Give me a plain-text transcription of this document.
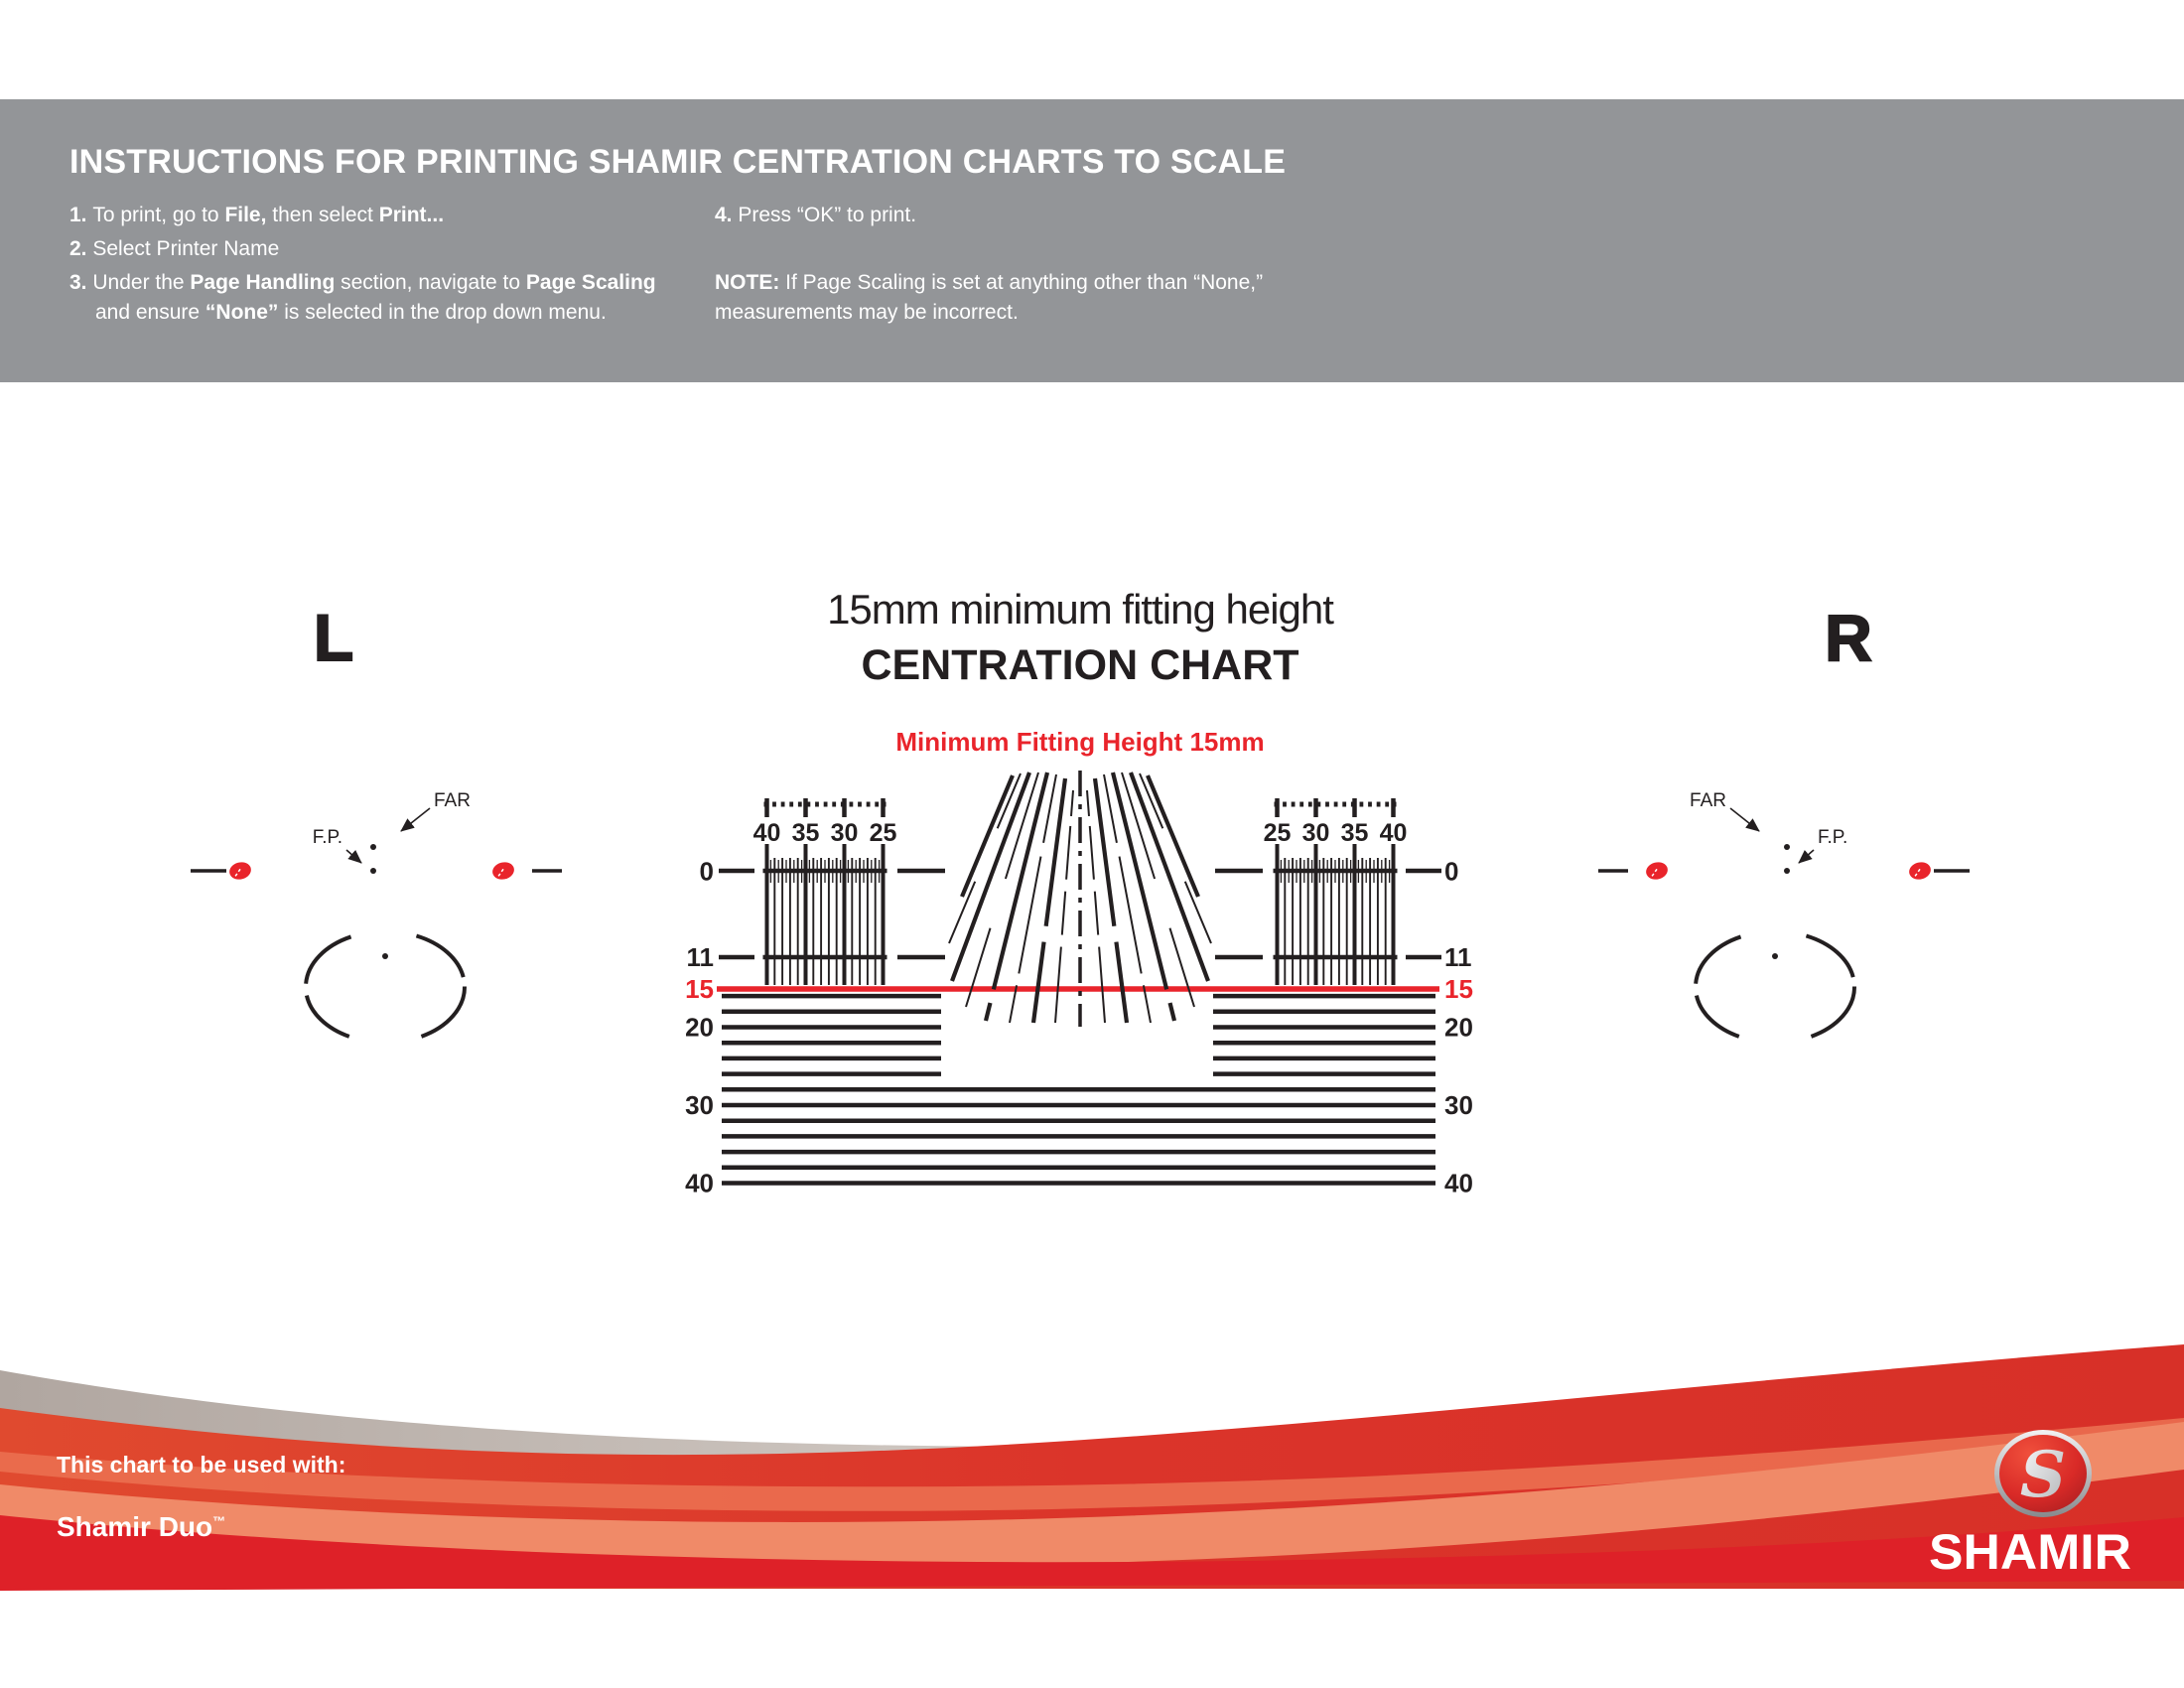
INSTRUCTIONS FOR PRINTING SHAMIR CENTRATION CHARTS TO SCALE
1. To print, go to File, then select Print...
2. Select Printer Name
3. Under the Page Handling section, navigate to Page Scaling
and ensure “None” is selected in the drop down menu.
4. Press “OK” to print.
NOTE: If Page Scaling is set at anything other than “None,”
measurements may be incorrect.
15mm minimum fitting height
CENTRATION CHART
Minimum Fitting Height 15mm
L	R
40 35 30 25	25 30 35 40
0
11
15
20
30
40
0
11
15
20
30
40
FAR
F.P.
FAR
F.P.
S
SHAMIR
This chart to be used with:
Shamir Duo™
